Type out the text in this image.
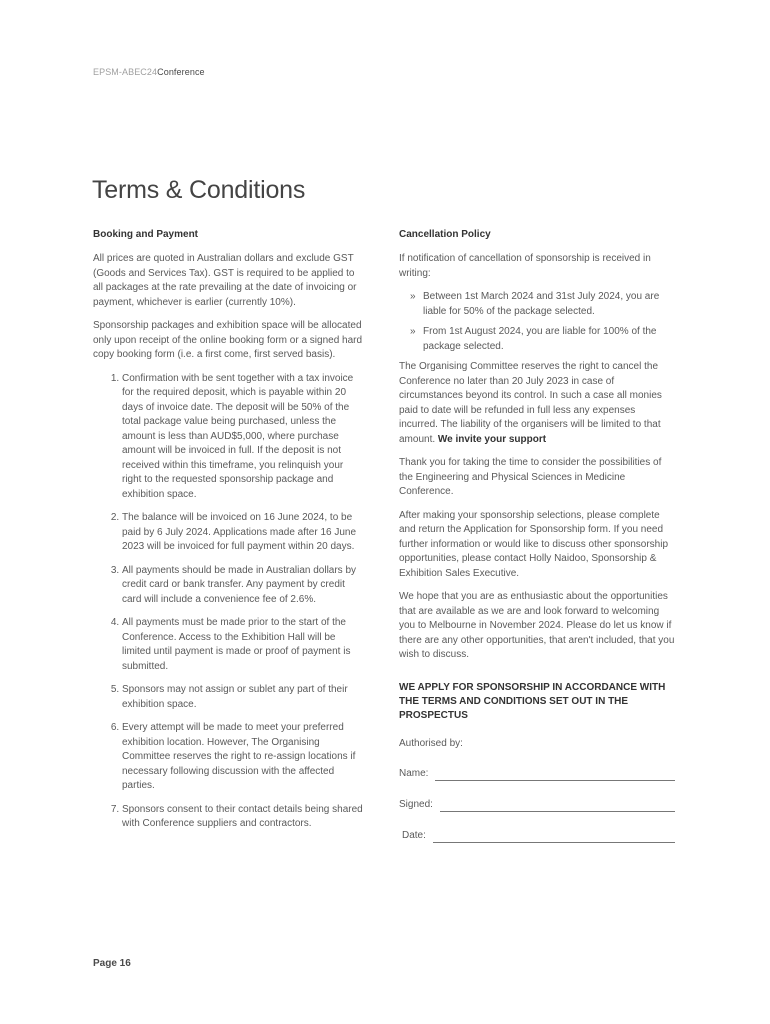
EPSM-ABEC24Conference
Terms & Conditions
Booking and Payment

All prices are quoted in Australian dollars and exclude GST (Goods and Services Tax). GST is required to be applied to all packages at the rate prevailing at the date of invoicing or payment, whichever is earlier (currently 10%).

Sponsorship packages and exhibition space will be allocated only upon receipt of the online booking form or a signed hard copy booking form (i.e. a first come, first served basis).

1. Confirmation with be sent together with a tax invoice for the required deposit, which is payable within 20 days of invoice date. The deposit will be 50% of the total package value being purchased, unless the amount is less than AUD$5,000, where purchase amount will be invoiced in full. If the deposit is not received within this timeframe, you relinquish your right to the requested sponsorship package and exhibition space.
2. The balance will be invoiced on 16 June 2024, to be paid by 6 July 2024. Applications made after 16 June 2023 will be invoiced for full payment within 20 days.
3. All payments should be made in Australian dollars by credit card or bank transfer. Any payment by credit card will include a convenience fee of 2.6%.
4. All payments must be made prior to the start of the Conference. Access to the Exhibition Hall will be limited until payment is made or proof of payment is submitted.
5. Sponsors may not assign or sublet any part of their exhibition space.
6. Every attempt will be made to meet your preferred exhibition location. However, The Organising Committee reserves the right to re-assign locations if necessary following discussion with the affected parties.
7. Sponsors consent to their contact details being shared with Conference suppliers and contractors.
Cancellation Policy

If notification of cancellation of sponsorship is received in writing:

» Between 1st March 2024 and 31st July 2024, you are liable for 50% of the package selected.
» From 1st August 2024, you are liable for 100% of the package selected.

The Organising Committee reserves the right to cancel the Conference no later than 20 July 2023 in case of circumstances beyond its control. In such a case all monies paid to date will be refunded in full less any expenses incurred. The liability of the organisers will be limited to that amount. We invite your support

Thank you for taking the time to consider the possibilities of the Engineering and Physical Sciences in Medicine Conference.

After making your sponsorship selections, please complete and return the Application for Sponsorship form. If you need further information or would like to discuss other sponsorship opportunities, please contact Holly Naidoo, Sponsorship & Exhibition Sales Executive.

We hope that you are as enthusiastic about the opportunities that are available as we are and look forward to welcoming you to Melbourne in November 2024. Please do let us know if there are any other opportunities, that aren't included, that you wish to discuss.

WE APPLY FOR SPONSORSHIP IN ACCORDANCE WITH THE TERMS AND CONDITIONS SET OUT IN THE PROSPECTUS

Authorised by:

Name:
Signed:
Date:
Page 16
